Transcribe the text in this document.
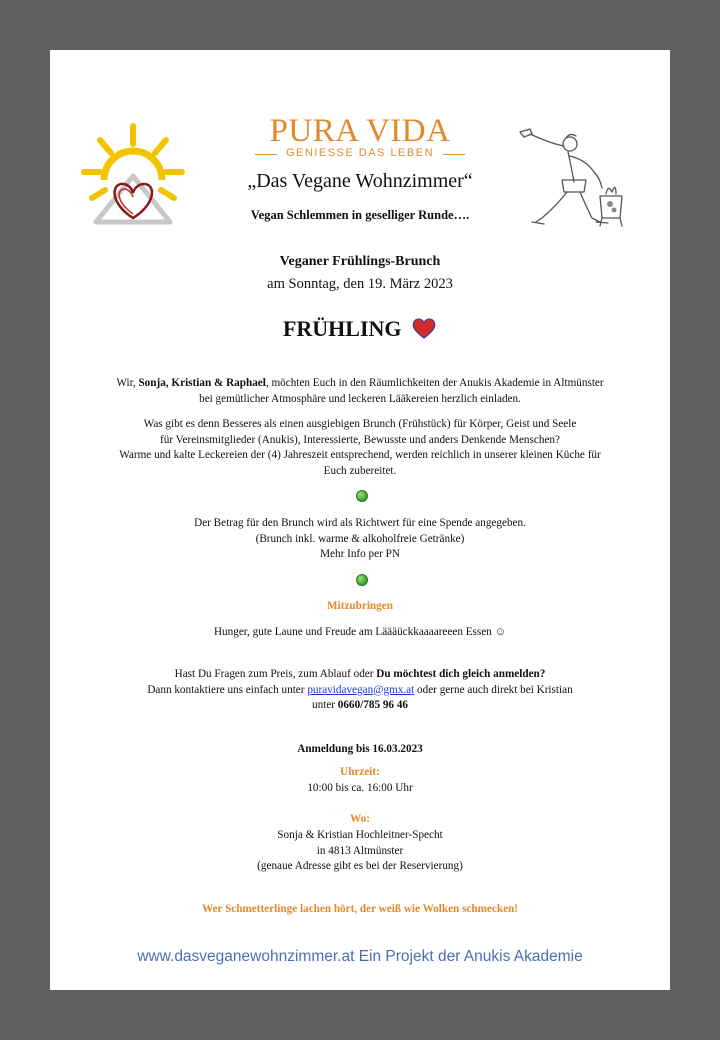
PURA VIDA
GENIESSE DAS LEBEN
„Das Vegane Wohnzimmer“
Vegan Schlemmen in geselliger Runde….
Veganer Frühlings-Brunch
am Sonntag, den 19. März 2023
FRÜHLING
Wir, Sonja, Kristian & Raphael, möchten Euch in den Räumlichkeiten der Anukis Akademie in Altmünster
bei gemütlicher Atmosphäre und leckeren Lääkereien herzlich einladen.
Was gibt es denn Besseres als einen ausgiebigen Brunch (Frühstück) für Körper, Geist und Seele
für Vereinsmitglieder (Anukis), Interessierte, Bewusste und anders Denkende Menschen?
Warme und kalte Leckereien der (4) Jahreszeit entsprechend, werden reichlich in unserer kleinen Küche für
Euch zubereitet.
Der Betrag für den Brunch wird als Richtwert für eine Spende angegeben.
(Brunch inkl. warme & alkoholfreie Getränke)
Mehr Info per PN
Mitzubringen
Hunger, gute Laune und Freude am Läääückkaaaareeen Essen ☺
Hast Du Fragen zum Preis, zum Ablauf oder Du möchtest dich gleich anmelden?
Dann kontaktiere uns einfach unter puravidavegan@gmx.at oder gerne auch direkt bei Kristian
unter 0660/785 96 46
Anmeldung bis 16.03.2023
Uhrzeit:
10:00 bis ca. 16:00 Uhr
Wo:
Sonja & Kristian Hochleitner-Specht
in 4813 Altmünster
(genaue Adresse gibt es bei der Reservierung)
Wer Schmetterlinge lachen hört, der weiß wie Wolken schmecken!
www.dasveganewohnzimmer.at Ein Projekt der Anukis Akademie
